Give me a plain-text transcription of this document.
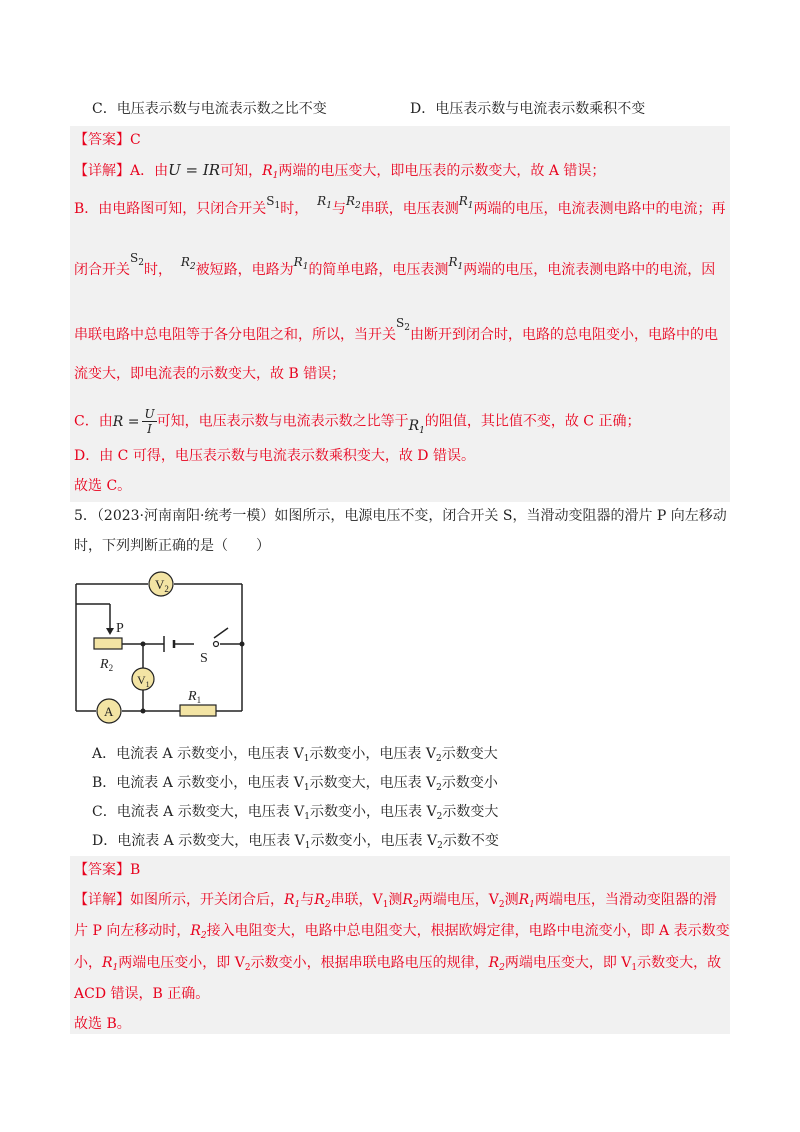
C．电压表示数与电流表示数之比不变	D．电压表示数与电流表示数乘积不变
【答案】C
【详解】A．由U = IR可知，$R_1$两端的电压变大，即电压表的示数变大，故 A 错误；
B．由电路图可知，只闭合开关$S_1$时， $R_1$与$R_2$串联，电压表测$R_1$两端的电压，电流表测电路中的电流；再
闭合开关$S_2$时， $R_2$被短路，电路为$R_1$的简单电路，电压表测$R_1$两端的电压，电流表测电路中的电流，因
串联电路中总电阻等于各分电阻之和，所以，当开关$S_2$由断开到闭合时，电路的总电阻变小，电路中的电
流变大，即电流表的示数变大，故 B 错误；
C．由$R = \frac{U}{I}$ 可知，电压表示数与电流表示数之比等于$R_1$的阻值，其比值不变，故 C 正确；
D．由 C 可得，电压表示数与电流表示数乘积变大，故 D 错误。
故选 C。
5．（2023·河南南阳·统考一模）如图所示，电源电压不变，闭合开关 S，当滑动变阻器的滑片 P 向左移动
时，下列判断正确的是（　　）
$V_2$
$V_1$
A
P
S
$R_2$
$R_1$
A．电流表 A 示数变小，电压表 $V_1$示数变小，电压表 $V_2$示数变大
B．电流表 A 示数变小，电压表 $V_1$示数变大，电压表 $V_2$示数变小
C．电流表 A 示数变大，电压表 $V_1$示数变小，电压表 $V_2$示数变大
D．电流表 A 示数变大，电压表 $V_1$示数变小，电压表 $V_2$示数不变
【答案】B
【详解】如图所示，开关闭合后，$R_1$与$R_2$串联，$V_1$测$R_2$两端电压，$V_2$测$R_1$两端电压，当滑动变阻器的滑
片 P 向左移动时，$R_2$接入电阻变大，电路中总电阻变大，根据欧姆定律，电路中电流变小，即 A 表示数变
小，$R_1$两端电压变小，即 $V_2$示数变小，根据串联电路电压的规律，$R_2$两端电压变大，即 $V_1$示数变大，故
ACD 错误，B 正确。
故选 B。
